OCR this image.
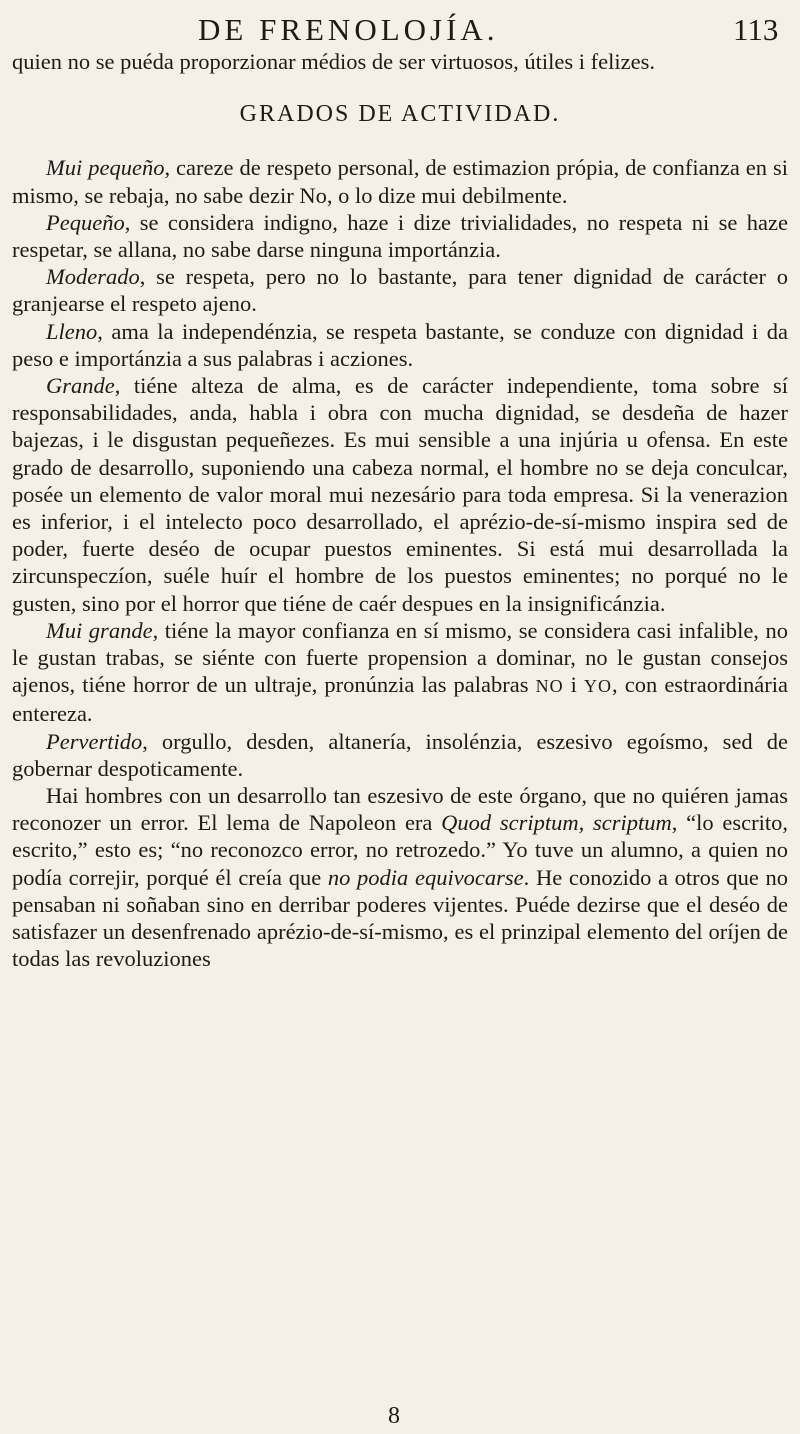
DE FRENOLOJÍA.	113

quien no se puéda proporzionar médios de ser virtuosos, útiles i felizes.

GRADOS DE ACTIVIDAD.

Mui pequeño, careze de respeto personal, de estimazion própia, de confianza en si mismo, se rebaja, no sabe dezir No, o lo dize mui debilmente.

Pequeño, se considera indigno, haze i dize trivialidades, no respeta ni se haze respetar, se allana, no sabe darse ninguna importánzia.

Moderado, se respeta, pero no lo bastante, para tener dignidad de carácter o granjearse el respeto ajeno.

Lleno, ama la independénzia, se respeta bastante, se conduze con dignidad i da peso e importánzia a sus palabras i acziones.

Grande, tiéne alteza de alma, es de carácter independiente, toma sobre sí responsabilidades, anda, habla i obra con mucha dignidad, se desdeña de hazer bajezas, i le disgustan pequeñezes. Es mui sensible a una injúria u ofensa. En este grado de desarrollo, suponiendo una cabeza normal, el hombre no se deja conculcar, posée un elemento de valor moral mui nezesário para toda empresa. Si la venerazion es inferior, i el intelecto poco desarrollado, el aprézio-de-sí-mismo inspira sed de poder, fuerte deséo de ocupar puestos eminentes. Si está mui desarrollada la zircunspeczíon, suéle huír el hombre de los puestos eminentes; no porqué no le gusten, sino por el horror que tiéne de caér despues en la insignificánzia.

Mui grande, tiéne la mayor confianza en sí mismo, se considera casi infalible, no le gustan trabas, se siénte con fuerte propension a dominar, no le gustan consejos ajenos, tiéne horror de un ultraje, pronúnzia las palabras NO i YO, con estraordinária entereza.

Pervertido, orgullo, desden, altanería, insolénzia, eszesivo egoísmo, sed de gobernar despoticamente.

Hai hombres con un desarrollo tan eszesivo de este órgano, que no quiéren jamas reconozer un error. El lema de Napoleon era Quod scriptum, scriptum, “lo escrito, escrito,” esto es; “no reconozco error, no retrozedo.” Yo tuve un alumno, a quien no podía correjir, porqué él creía que no podia equivocarse. He conozido a otros que no pensaban ni soñaban sino en derribar poderes vijentes. Puéde dezirse que el deséo de satisfazer un desenfrenado aprézio-de-sí-mismo, es el prinzipal elemento del oríjen de todas las revoluziones

8
